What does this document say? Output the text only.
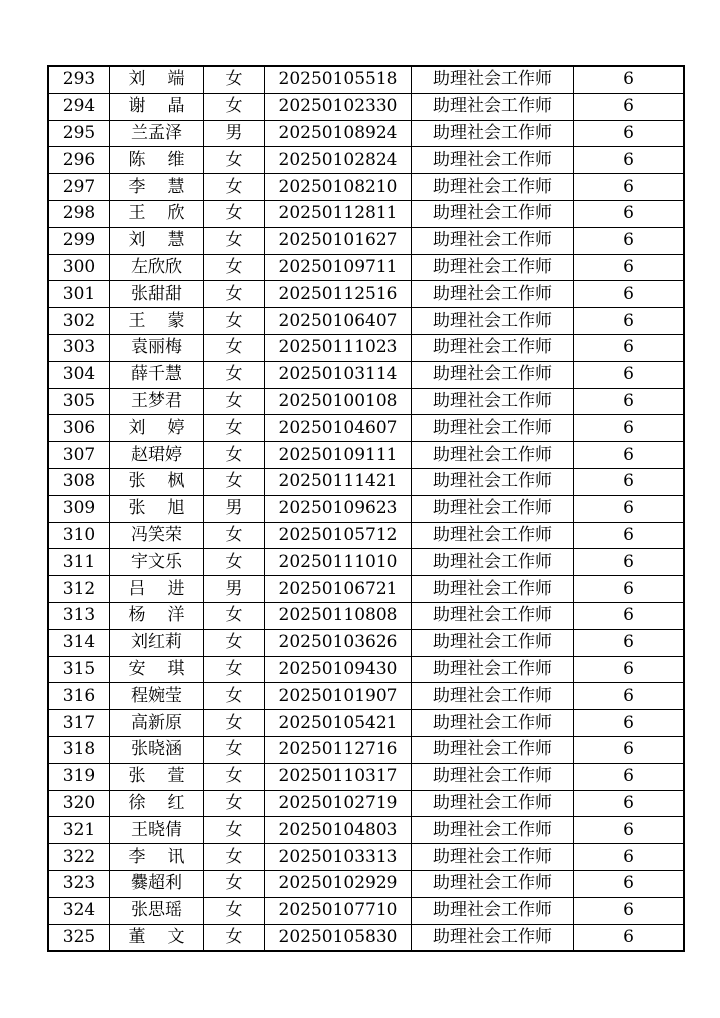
293	刘 端	女	20250105518	助理社会工作师	6
294	谢 晶	女	20250102330	助理社会工作师	6
295	兰孟泽	男	20250108924	助理社会工作师	6
296	陈 维	女	20250102824	助理社会工作师	6
297	李 慧	女	20250108210	助理社会工作师	6
298	王 欣	女	20250112811	助理社会工作师	6
299	刘 慧	女	20250101627	助理社会工作师	6
300	左欣欣	女	20250109711	助理社会工作师	6
301	张甜甜	女	20250112516	助理社会工作师	6
302	王 蒙	女	20250106407	助理社会工作师	6
303	袁丽梅	女	20250111023	助理社会工作师	6
304	薛千慧	女	20250103114	助理社会工作师	6
305	王梦君	女	20250100108	助理社会工作师	6
306	刘 婷	女	20250104607	助理社会工作师	6
307	赵珺婷	女	20250109111	助理社会工作师	6
308	张 枫	女	20250111421	助理社会工作师	6
309	张 旭	男	20250109623	助理社会工作师	6
310	冯笑荣	女	20250105712	助理社会工作师	6
311	宇文乐	女	20250111010	助理社会工作师	6
312	吕 进	男	20250106721	助理社会工作师	6
313	杨 洋	女	20250110808	助理社会工作师	6
314	刘红莉	女	20250103626	助理社会工作师	6
315	安 琪	女	20250109430	助理社会工作师	6
316	程婉莹	女	20250101907	助理社会工作师	6
317	高新原	女	20250105421	助理社会工作师	6
318	张晓涵	女	20250112716	助理社会工作师	6
319	张 萱	女	20250110317	助理社会工作师	6
320	徐 红	女	20250102719	助理社会工作师	6
321	王晓倩	女	20250104803	助理社会工作师	6
322	李 讯	女	20250103313	助理社会工作师	6
323	爨超利	女	20250102929	助理社会工作师	6
324	张思瑶	女	20250107710	助理社会工作师	6
325	董 文	女	20250105830	助理社会工作师	6
